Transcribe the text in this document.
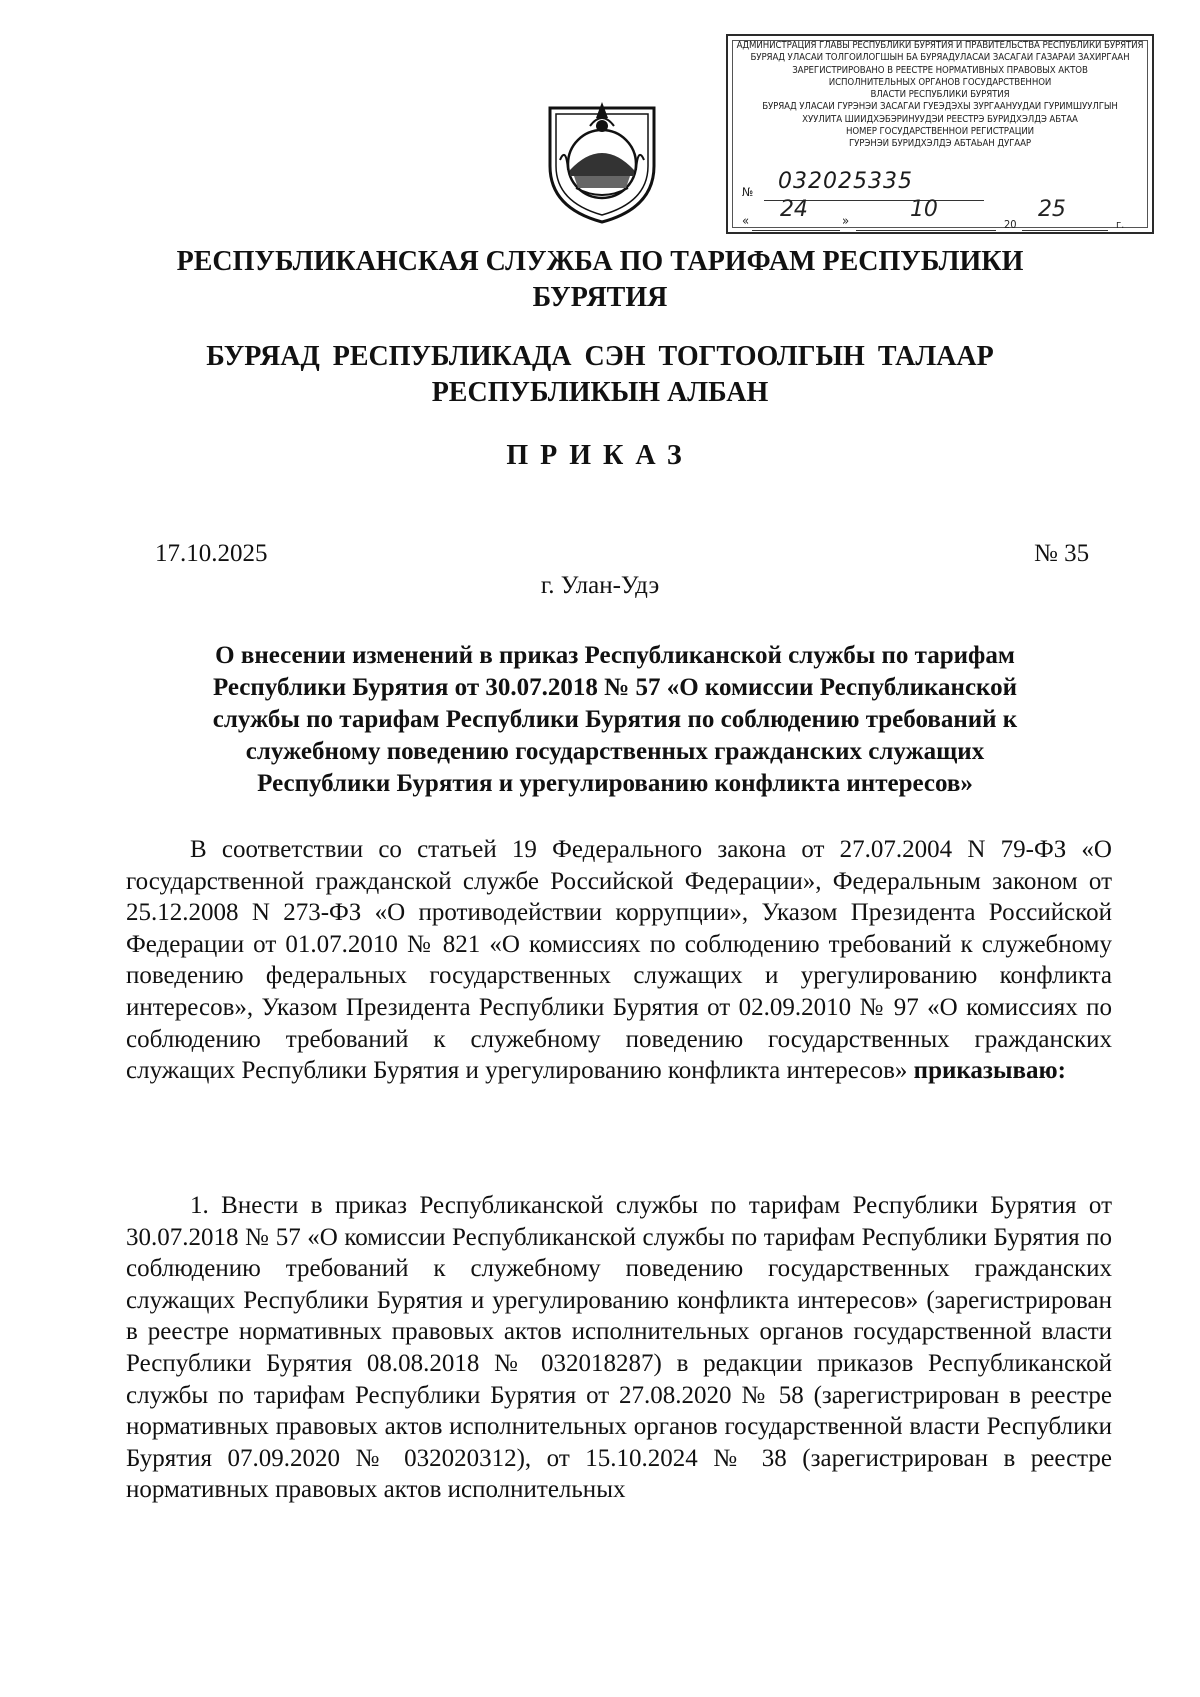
АДМИНИСТРАЦИЯ ГЛАВЫ РЕСПУБЛИКИ БУРЯТИЯ И ПРАВИТЕЛЬСТВА РЕСПУБЛИКИ БУРЯТИЯ
БУРЯАД УЛАСАЙ ТОЛГОЙЛОГШЫН БА БУРЯАДУЛАСАЙ ЗАСАГАЙ ГАЗАРАЙ ЗАХИРГААН
ЗАРЕГИСТРИРОВАНО В РЕЕСТРЕ НОРМАТИВНЫХ ПРАВОВЫХ АКТОВ
ИСПОЛНИТЕЛЬНЫХ ОРГАНОВ ГОСУДАРСТВЕННОЙ
ВЛАСТИ РЕСПУБЛИКИ БУРЯТИЯ
БУРЯАД УЛАСАЙ ГУРЭНЭЙ ЗАСАГАЙ ГУЕЭДЭХЫ ЗУРГААНУУДАЙ ГУРИМШУУЛГЫН
ХУУЛИТА ШИИДХЭБЭРИНУУДЭЙ РЕЕСТРЭ БУРИДХЭЛДЭ АБТАА
НОМЕР ГОСУДАРСТВЕННОЙ РЕГИСТРАЦИИ
ГУРЭНЭЙ БУРИДХЭЛДЭ АБТАЬАН ДУГААР
№ 032025335
« 24	»	10
20
25
г.
РЕСПУБЛИКАНСКАЯ СЛУЖБА ПО ТАРИФАМ РЕСПУБЛИКИ
БУРЯТИЯ
БУРЯАД РЕСПУБЛИКАДА СЭН ТОГТООЛГЫН ТАЛААР
РЕСПУБЛИКЫН АЛБАН
ПРИКАЗ
17.10.2025	№ 35
г. Улан-Удэ
О внесении изменений в приказ Республиканской службы по тарифам
Республики Бурятия от 30.07.2018 № 57 «О комиссии Республиканской
службы по тарифам Республики Бурятия по соблюдению требований к
служебному поведению государственных гражданских служащих
Республики Бурятия и урегулированию конфликта интересов»

В соответствии со статьей 19 Федерального закона от 27.07.2004 N 79-ФЗ «О государственной гражданской службе Российской Федерации», Федеральным законом от 25.12.2008 N 273-ФЗ «О противодействии коррупции», Указом Президента Российской Федерации от 01.07.2010 № 821 «О комиссиях по соблюдению требований к служебному поведению федеральных государственных служащих и урегулированию конфликта интересов», Указом Президента Республики Бурятия от 02.09.2010 № 97 «О комиссиях по соблюдению требований к служебному поведению государственных гражданских служащих Республики Бурятия и урегулированию конфликта интересов» приказываю:

1. Внести в приказ Республиканской службы по тарифам Республики Бурятия от 30.07.2018 № 57 «О комиссии Республиканской службы по тарифам Республики Бурятия по соблюдению требований к служебному поведению государственных гражданских служащих Республики Бурятия и урегулированию конфликта интересов» (зарегистрирован в реестре нормативных правовых актов исполнительных органов государственной власти Республики Бурятия 08.08.2018 № 032018287) в редакции приказов Республиканской службы по тарифам Республики Бурятия от 27.08.2020 № 58 (зарегистрирован в реестре нормативных правовых актов исполнительных органов государственной власти Республики Бурятия 07.09.2020 № 032020312), от 15.10.2024 № 38 (зарегистрирован в реестре нормативных правовых актов исполнительных
